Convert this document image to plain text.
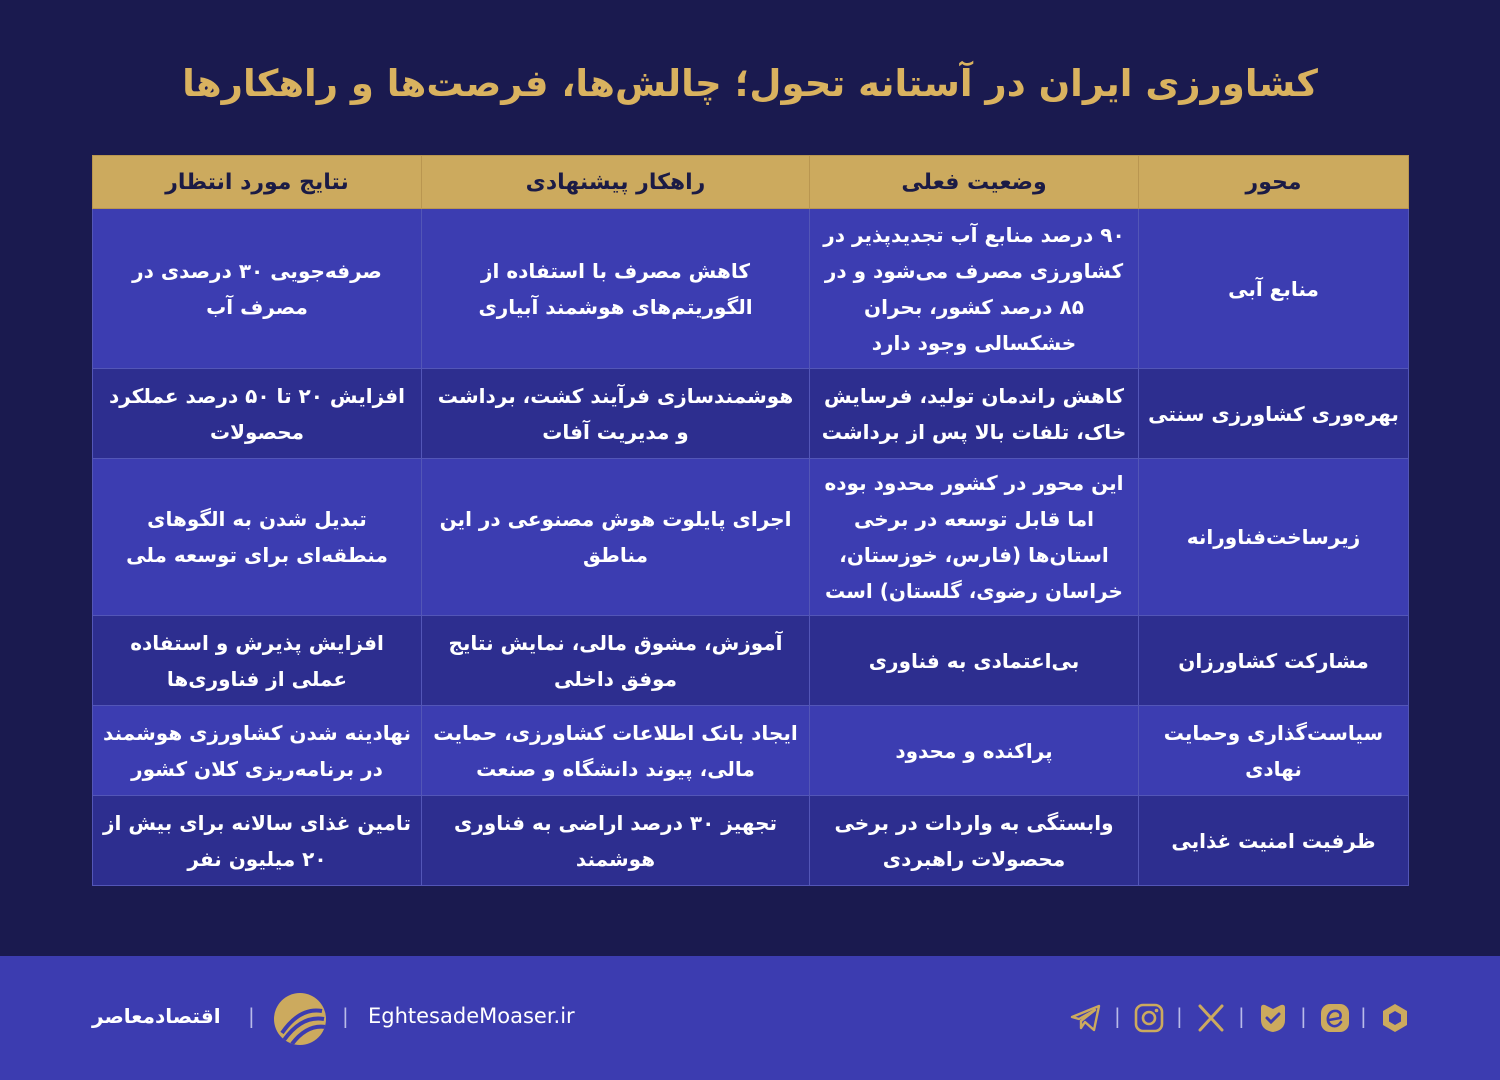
کشاورزی ایران در آستانه تحول؛ چالش‌ها، فرصت‌ها و راهکارها
محور	وضعیت فعلی	راهکار پیشنهادی	نتایج مورد انتظار
منابع آبی	۹۰ درصد منابع آب تجدیدپذیر در کشاورزی مصرف می‌شود و در ۸۵ درصد کشور، بحران خشکسالی وجود دارد	کاهش مصرف با استفاده از الگوریتم‌های هوشمند آبیاری	صرفه‌جویی ۳۰ درصدی در مصرف آب
بهره‌وری کشاورزی سنتی	کاهش راندمان تولید، فرسایش خاک، تلفات بالا پس از برداشت	هوشمندسازی فرآیند کشت، برداشت و مدیریت آفات	افزایش ۲۰ تا ۵۰ درصد عملکرد محصولات
زیرساخت‌فناورانه	این محور در کشور محدود بوده اما قابل توسعه در برخی استان‌ها (فارس، خوزستان، خراسان رضوی، گلستان) است	اجرای پایلوت هوش مصنوعی در این مناطق	تبدیل شدن به الگوهای منطقه‌ای برای توسعه ملی
مشارکت کشاورزان	بی‌اعتمادی به فناوری	آموزش، مشوق مالی، نمایش نتایج موفق داخلی	افزایش پذیرش و استفاده عملی از فناوری‌ها
سیاست‌گذاری و‌حمایت نهادی	پراکنده و محدود	ایجاد بانک اطلاعات کشاورزی، حمایت مالی، پیوند دانشگاه و صنعت	نهادینه شدن کشاورزی هوشمند در برنامه‌ریزی کلان کشور
ظرفیت امنیت غذایی	وابستگی به واردات در برخی محصولات راهبردی	تجهیز ۳۰ درصد اراضی به فناوری هوشمند	تامین غذای سالانه برای بیش از ۲۰ میلیون نفر
اقتصادمعاصر	|	| EghtesadeMoaser.ir	|	|	|	|	|
